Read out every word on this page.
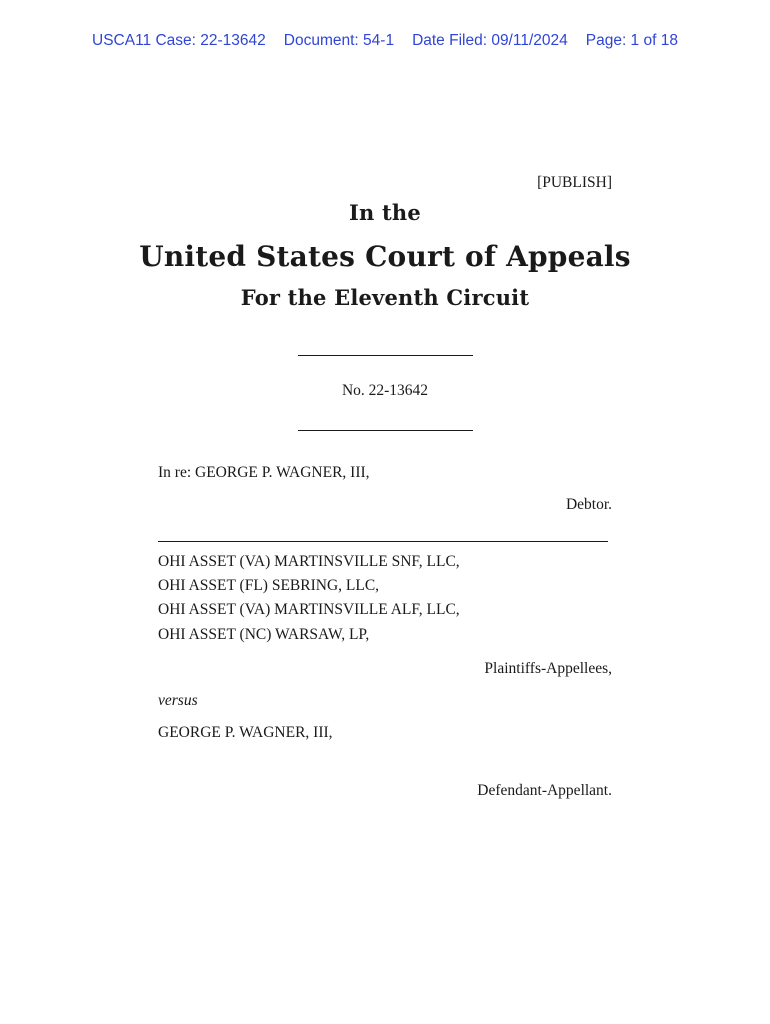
USCA11 Case: 22-13642 Document: 54-1 Date Filed: 09/11/2024 Page: 1 of 18
[PUBLISH]
In the
United States Court of Appeals
For the Eleventh Circuit
No. 22-13642
In re: GEORGE P. WAGNER, III,
Debtor.
OHI ASSET (VA) MARTINSVILLE SNF, LLC,
OHI ASSET (FL) SEBRING, LLC,
OHI ASSET (VA) MARTINSVILLE ALF, LLC,
OHI ASSET (NC) WARSAW, LP,
Plaintiffs-Appellees,
versus
GEORGE P. WAGNER, III,
Defendant-Appellant.
